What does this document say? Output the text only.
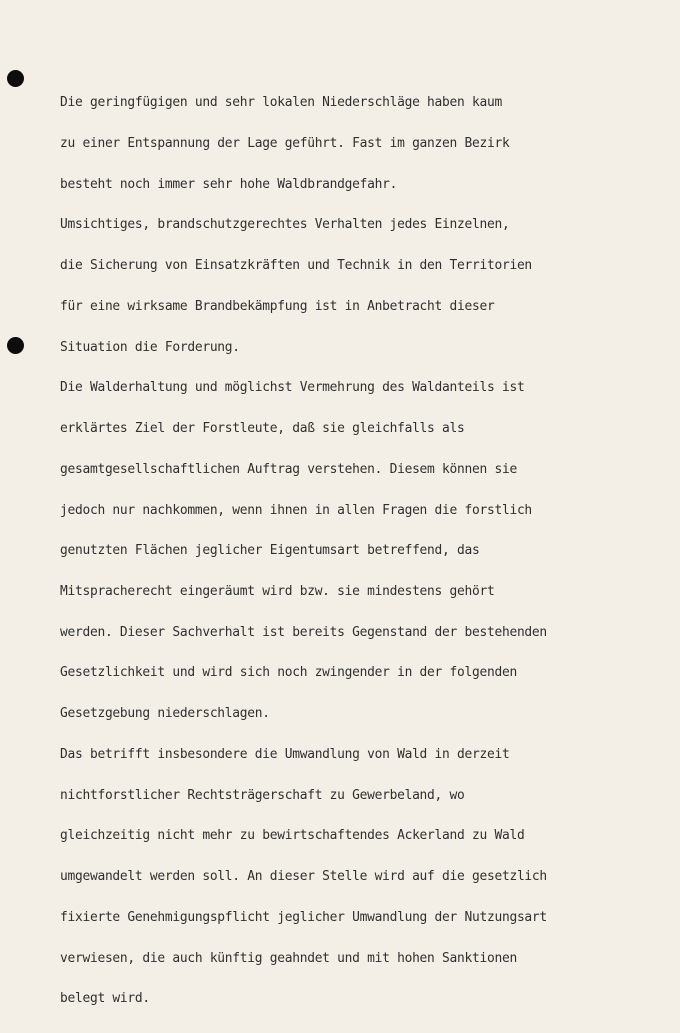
Die geringfügigen und sehr lokalen Niederschläge haben kaum

zu einer Entspannung der Lage geführt. Fast im ganzen Bezirk

besteht noch immer sehr hohe Waldbrandgefahr.

Umsichtiges, brandschutzgerechtes Verhalten jedes Einzelnen,

die Sicherung von Einsatzkräften und Technik in den Territorien

für eine wirksame Brandbekämpfung ist in Anbetracht dieser

Situation die Forderung.

Die Walderhaltung und möglichst Vermehrung des Waldanteils ist

erklärtes Ziel der Forstleute, daß sie gleichfalls als

gesamtgesellschaftlichen Auftrag verstehen. Diesem können sie

jedoch nur nachkommen, wenn ihnen in allen Fragen die forstlich

genutzten Flächen jeglicher Eigentumsart betreffend, das

Mitspracherecht eingeräumt wird bzw. sie mindestens gehört

werden. Dieser Sachverhalt ist bereits Gegenstand der bestehenden

Gesetzlichkeit und wird sich noch zwingender in der folgenden

Gesetzgebung niederschlagen.

Das betrifft insbesondere die Umwandlung von Wald in derzeit

nichtforstlicher Rechtsträgerschaft zu Gewerbeland, wo

gleichzeitig nicht mehr zu bewirtschaftendes Ackerland zu Wald

umgewandelt werden soll. An dieser Stelle wird auf die gesetzlich

fixierte Genehmigungspflicht jeglicher Umwandlung der Nutzungsart

verwiesen, die auch künftig geahndet und mit hohen Sanktionen

belegt wird.
